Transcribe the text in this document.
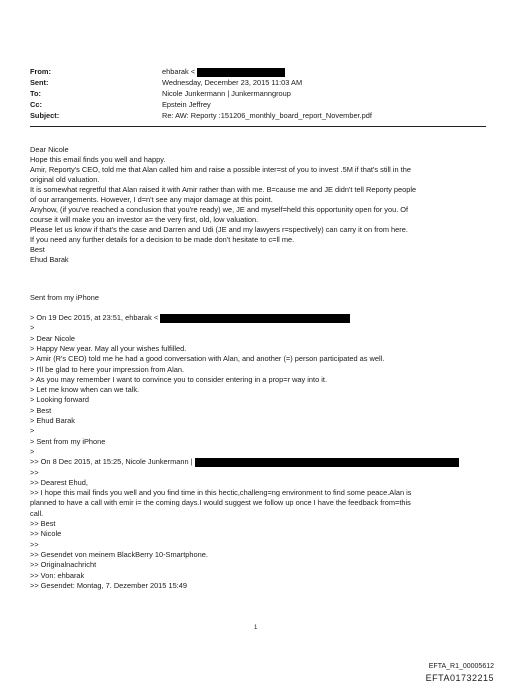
From:	ehbarak <
Sent:	Wednesday, December 23, 2015 11:03 AM
To:	Nicole Junkermann | Junkermanngroup
Cc:	Epstein Jeffrey
Subject:	Re: AW: Reporty :151206_monthly_board_report_November.pdf
Dear Nicole
Hope this email finds you well and happy.
Amir, Reporty's CEO, told me that Alan called him and raise a possible inter=st of you to invest .5M if that's still in the
original old valuation.
It is somewhat regretful that Alan raised it with Amir rather than with me. B=cause me and JE didn't tell Reporty people
of our arrangements. However, I d=n't see any major damage at this point.
Anyhow, (if you've reached a conclusion that you're ready) we, JE and myself=held this opportunity open for you. Of
course it will make you an investor a= the very first, old, low valuation.
Please let us know if that's the case and Darren and Udi (JE and my lawyers r=spectively) can carry it on from here.
If you need any further details for a decision to be made don't hesitate to c=ll me.
Best
Ehud Barak
Sent from my iPhone
> On 19 Dec 2015, at 23:51, ehbarak <
>
> Dear Nicole
> Happy New year. May all your wishes fulfilled.
> Amir (R's CEO) told me he had a good conversation with Alan, and another (=) person participated as well.
> I'll be glad to here your impression from Alan.
> As you may remember I want to convince you to consider entering in a prop=r way into it.
> Let me know when can we talk.
> Looking forward
> Best
> Ehud Barak
>
> Sent from my iPhone
>
>> On 8 Dec 2015, at 15:25, Nicole Junkermann |
>>
>> Dearest Ehud,
>> I hope this mail finds you well and you find time in this hectic,challeng=ng environment to find some peace.Alan is
planned to have a call with emir i= the coming days.I would suggest we follow up once I have the feedback from=this
call.
>> Best
>> Nicole
>>
>> Gesendet von meinem BlackBerry 10-Smartphone.
>> Originalnachricht
>> Von: ehbarak
>> Gesendet: Montag, 7. Dezember 2015 15:49
1
EFTA_R1_00005612
EFTA01732215
